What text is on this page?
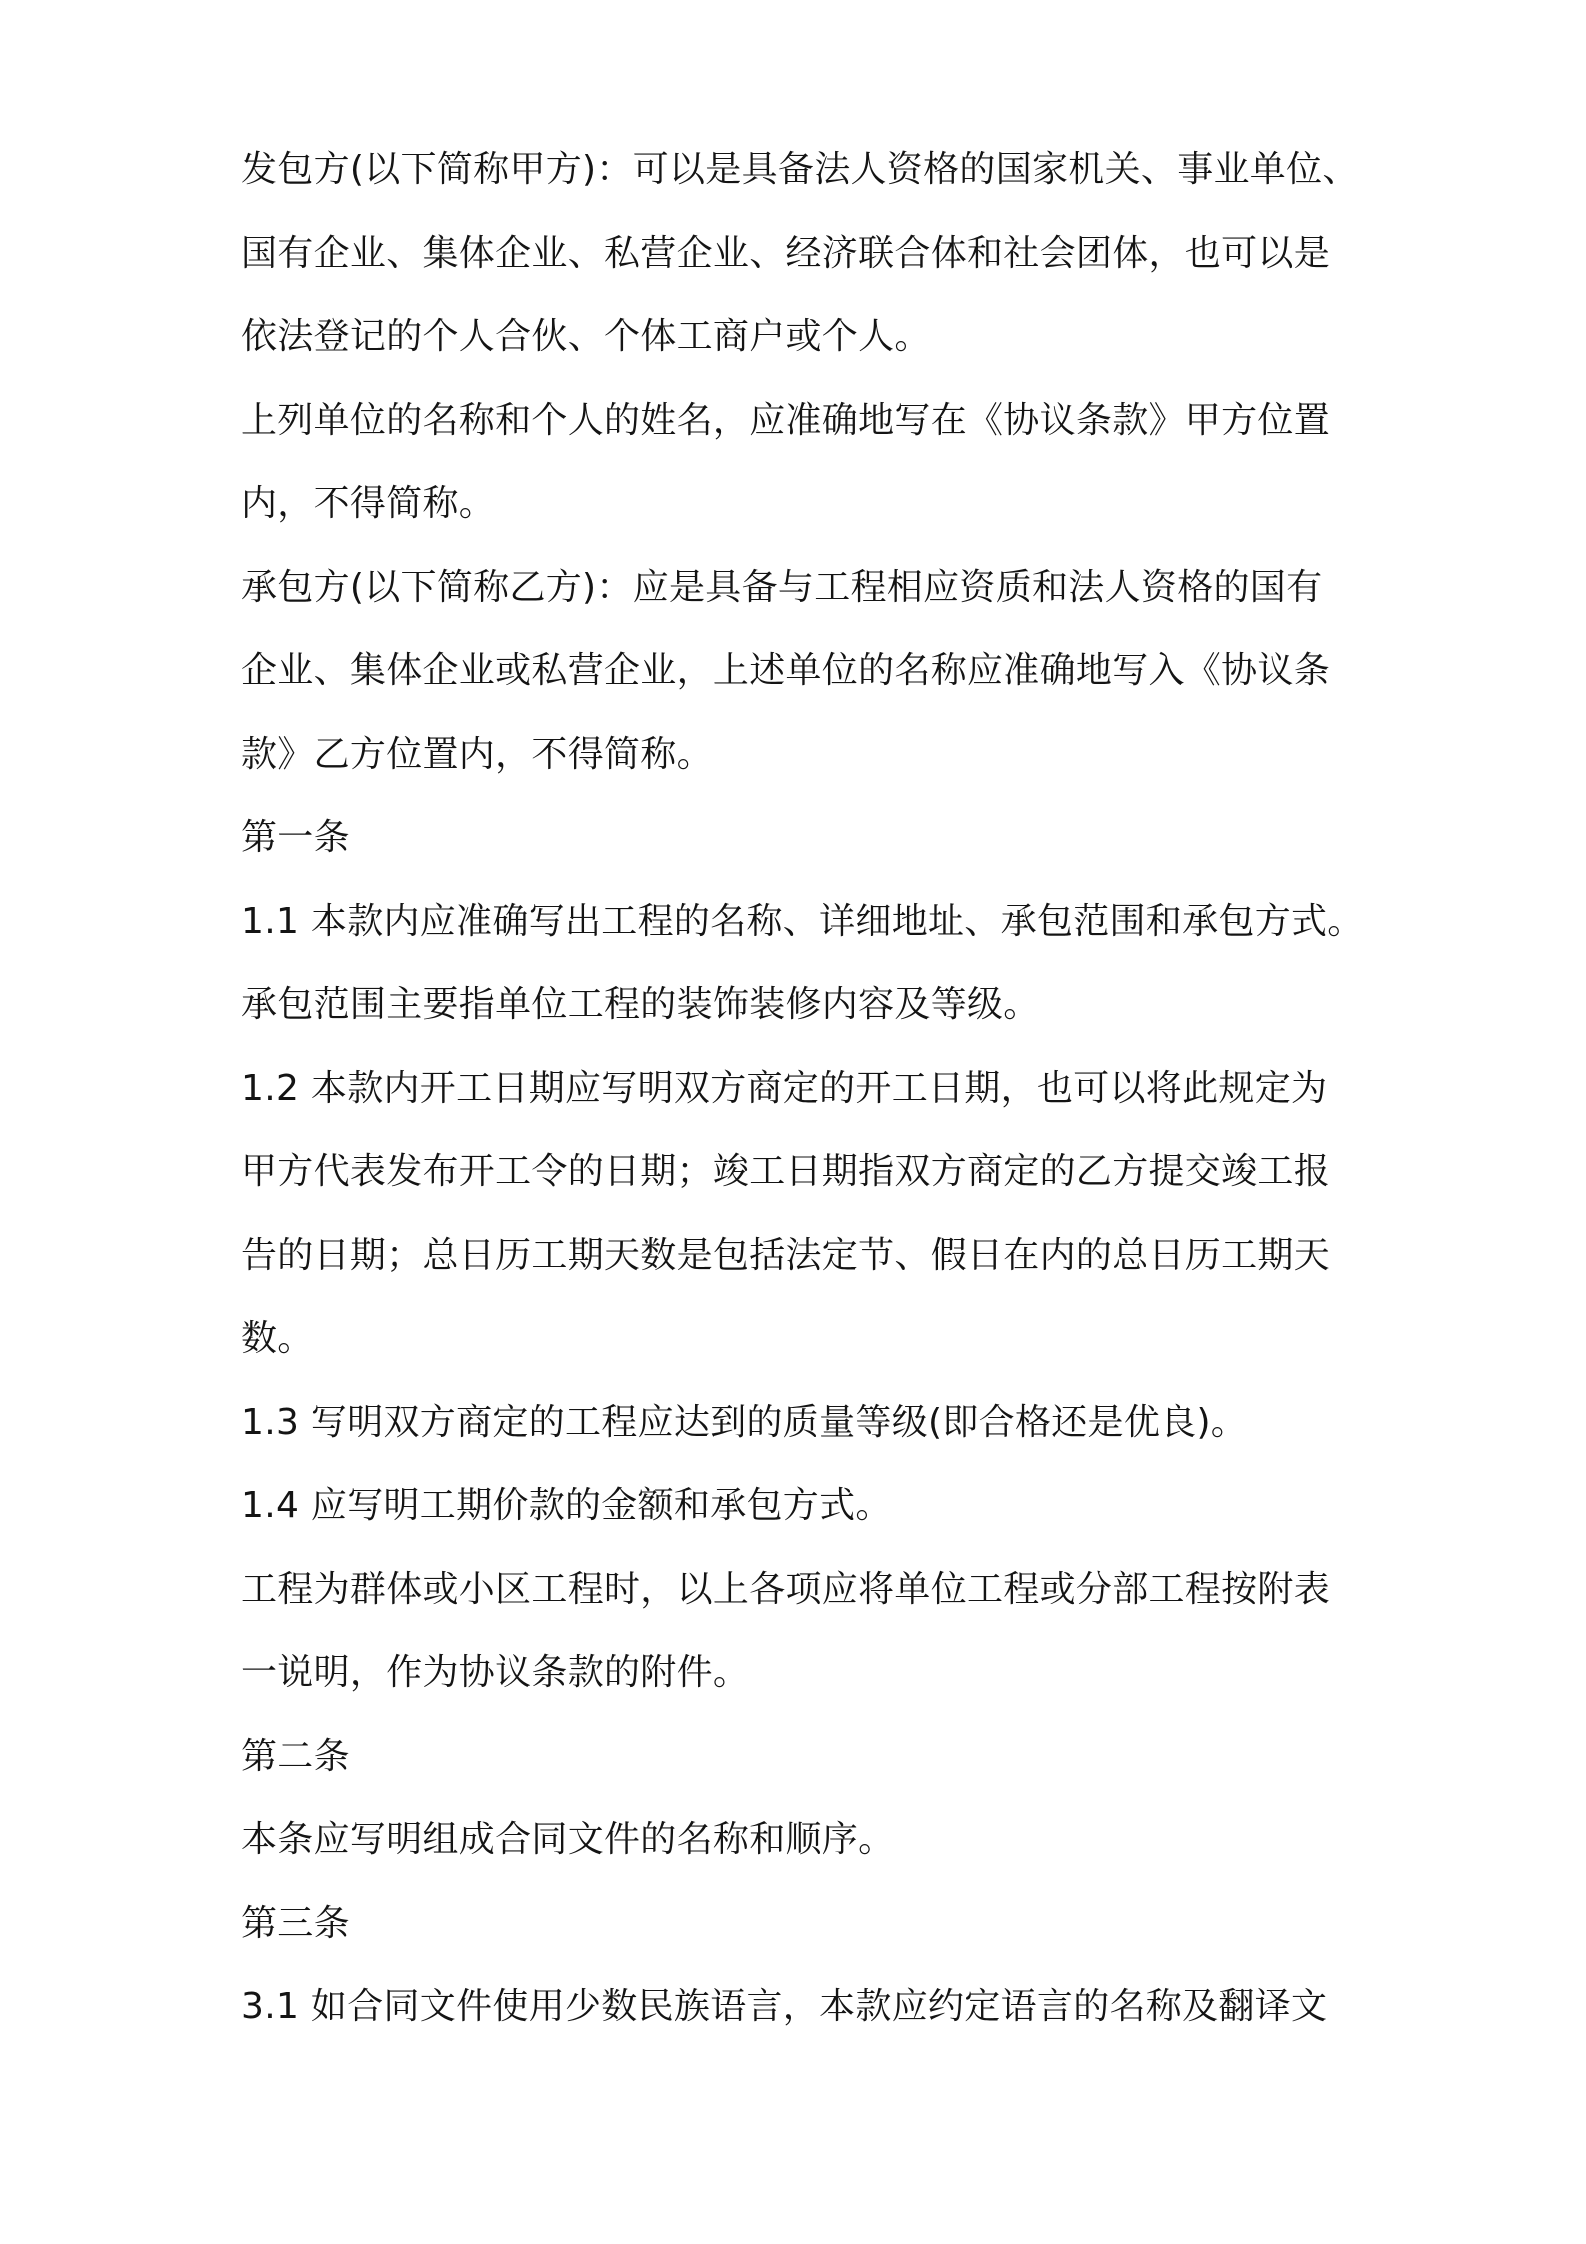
发包方(以下简称甲方)：可以是具备法人资格的国家机关、事业单位、

国有企业、集体企业、私营企业、经济联合体和社会团体，也可以是

依法登记的个人合伙、个体工商户或个人。

上列单位的名称和个人的姓名，应准确地写在《协议条款》甲方位置

内，不得简称。

承包方(以下简称乙方)：应是具备与工程相应资质和法人资格的国有

企业、集体企业或私营企业，上述单位的名称应准确地写入《协议条

款》乙方位置内，不得简称。

第一条

1.1 本款内应准确写出工程的名称、详细地址、承包范围和承包方式。

承包范围主要指单位工程的装饰装修内容及等级。

1.2 本款内开工日期应写明双方商定的开工日期，也可以将此规定为

甲方代表发布开工令的日期；竣工日期指双方商定的乙方提交竣工报

告的日期；总日历工期天数是包括法定节、假日在内的总日历工期天

数。

1.3 写明双方商定的工程应达到的质量等级(即合格还是优良)。

1.4 应写明工期价款的金额和承包方式。

工程为群体或小区工程时，以上各项应将单位工程或分部工程按附表

一说明，作为协议条款的附件。

第二条

本条应写明组成合同文件的名称和顺序。

第三条

3.1 如合同文件使用少数民族语言，本款应约定语言的名称及翻译文
